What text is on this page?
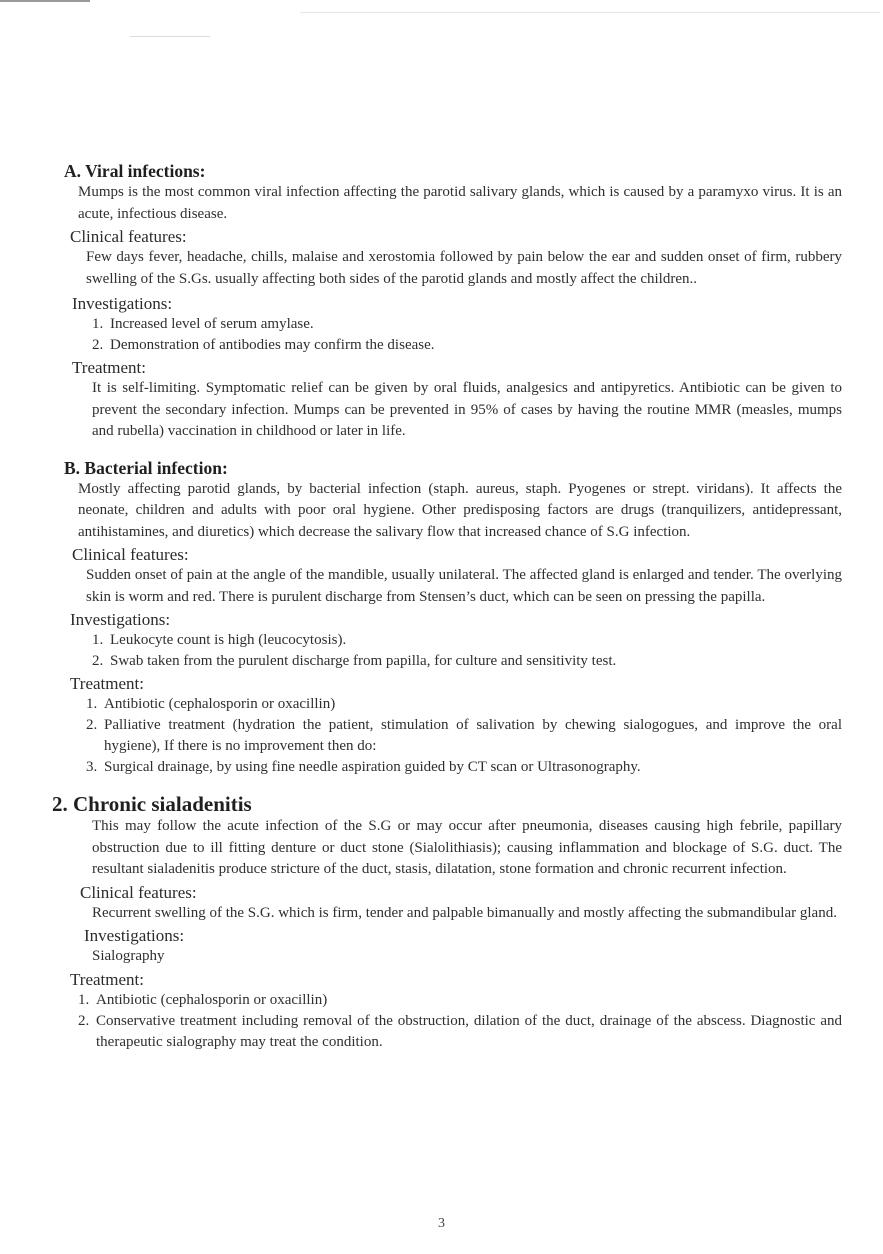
A. Viral infections:

Mumps is the most common viral infection affecting the parotid salivary glands, which is caused by a paramyxo virus. It is an acute, infectious disease.

Clinical features:

Few days fever, headache, chills, malaise and xerostomia followed by pain below the ear and sudden onset of firm, rubbery swelling of the S.Gs. usually affecting both sides of the parotid glands and mostly affect the children..

Investigations:
1. Increased level of serum amylase.
2. Demonstration of antibodies may confirm the disease.
Treatment:

It is self-limiting. Symptomatic relief can be given by oral fluids, analgesics and antipyretics. Antibiotic can be given to prevent the secondary infection. Mumps can be prevented in 95% of cases by having the routine MMR (measles, mumps and rubella) vaccination in childhood or later in life.

B. Bacterial infection:

Mostly affecting parotid glands, by bacterial infection (staph. aureus, staph. Pyogenes or strept. viridans). It affects the neonate, children and adults with poor oral hygiene. Other predisposing factors are drugs (tranquilizers, antidepressant, antihistamines, and diuretics) which decrease the salivary flow that increased chance of S.G infection.

Clinical features:

Sudden onset of pain at the angle of the mandible, usually unilateral. The affected gland is enlarged and tender. The overlying skin is worm and red. There is purulent discharge from Stensen’s duct, which can be seen on pressing the papilla.

Investigations:
1. Leukocyte count is high (leucocytosis).
2. Swab taken from the purulent discharge from papilla, for culture and sensitivity test.
Treatment:
1. Antibiotic (cephalosporin or oxacillin)
2. Palliative treatment (hydration the patient, stimulation of salivation by chewing sialogogues, and improve the oral hygiene), If there is no improvement then do:
3. Surgical drainage, by using fine needle aspiration guided by CT scan or Ultrasonography.
2. Chronic sialadenitis

This may follow the acute infection of the S.G or may occur after pneumonia, diseases causing high febrile, papillary obstruction due to ill fitting denture or duct stone (Sialolithiasis); causing inflammation and blockage of S.G. duct. The resultant sialadenitis produce stricture of the duct, stasis, dilatation, stone formation and chronic recurrent infection.

Clinical features:

Recurrent swelling of the S.G. which is firm, tender and palpable bimanually and mostly affecting the submandibular gland.

Investigations:

Sialography

Treatment:
1. Antibiotic (cephalosporin or oxacillin)
2. Conservative treatment including removal of the obstruction, dilation of the duct, drainage of the abscess. Diagnostic and therapeutic sialography may treat the condition.
3
